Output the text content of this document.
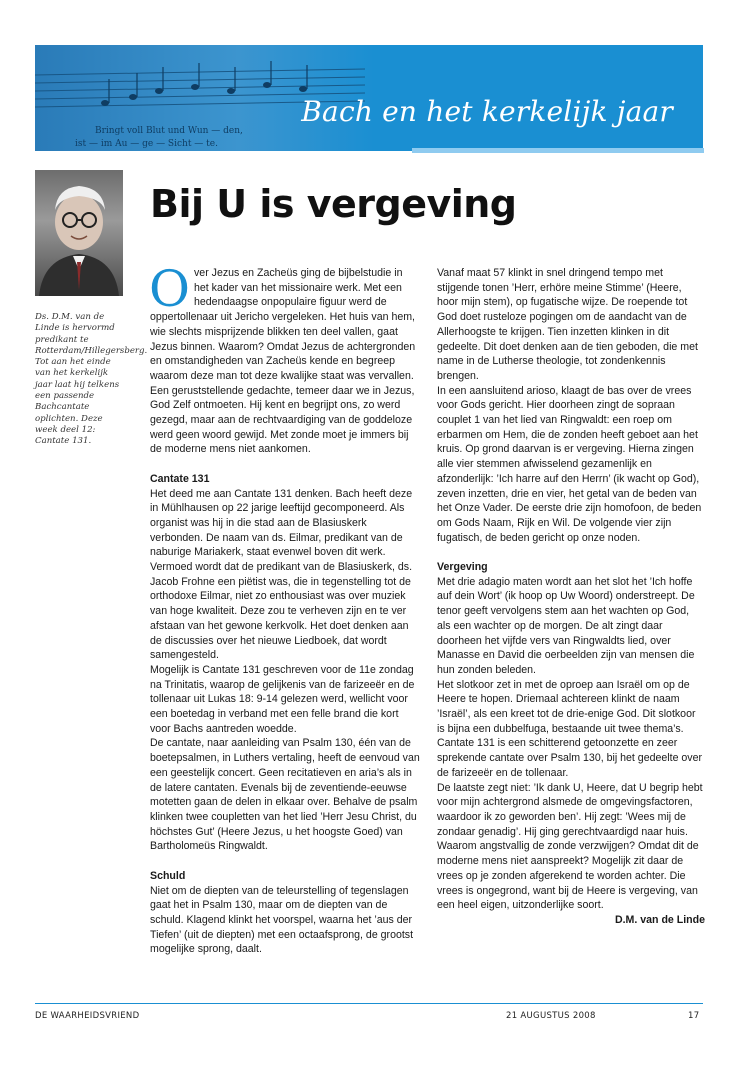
Bringt voll Blut und Wun — den,
ist — im Au — ge — Sicht — te.
Bach en het kerkelijk jaar
Ds. D.M. van de Linde is hervormd predikant te Rotterdam/Hillegersberg. Tot aan het einde van het kerkelijk jaar laat hij telkens een passende Bachcantate oplichten. Deze week deel 12: Cantate 131.
Bij U is vergeving

Over Jezus en Zacheüs ging de bijbelstudie in het kader van het missionaire werk. Met een hedendaagse onpopulaire figuur werd de oppertollenaar uit Jericho vergeleken. Het huis van hem, wie slechts misprijzende blikken ten deel vallen, gaat Jezus binnen. Waarom? Omdat Jezus de achtergronden en omstandigheden van Zacheüs kende en begreep waarom deze man tot deze kwalijke staat was vervallen. Een geruststellende gedachte, temeer daar we in Jezus, God Zelf ontmoeten. Hij kent en begrijpt ons, zo werd gezegd, maar aan de rechtvaardiging van de goddeloze werd geen woord gewijd. Met zonde moet je immers bij de moderne mens niet aankomen.

Cantate 131

Het deed me aan Cantate 131 denken. Bach heeft deze in Mühlhausen op 22 jarige leeftijd gecomponeerd. Als organist was hij in die stad aan de Blasiuskerk verbonden. De naam van ds. Eilmar, predikant van de naburige Mariakerk, staat evenwel boven dit werk. Vermoed wordt dat de predikant van de Blasiuskerk, ds. Jacob Frohne een piëtist was, die in tegenstelling tot de orthodoxe Eilmar, niet zo enthousiast was over muziek van hoge kwaliteit. Deze zou te verheven zijn en te ver afstaan van het gewone kerkvolk. Het doet denken aan de discussies over het nieuwe Liedboek, dat wordt samengesteld.

Mogelijk is Cantate 131 geschreven voor de 11e zondag na Trinitatis, waarop de gelijkenis van de farizeeër en de tollenaar uit Lukas 18: 9-14 gelezen werd, wellicht voor een boetedag in verband met een felle brand die kort voor Bachs aantreden woedde.

De cantate, naar aanleiding van Psalm 130, één van de boetepsalmen, in Luthers vertaling, heeft de eenvoud van een geestelijk concert. Geen recitatieven en aria’s als in de latere cantaten. Evenals bij de zeventiende-eeuwse motetten gaan de delen in elkaar over. Behalve de psalm klinken twee coupletten van het lied ’Herr Jesu Christ, du höchstes Gut’ (Heere Jezus, u het hoogste Goed) van Bartholomeüs Ringwaldt.

Schuld

Niet om de diepten van de teleurstelling of tegenslagen gaat het in Psalm 130, maar om de diepten van de schuld. Klagend klinkt het voorspel, waarna het ’aus der Tiefen’ (uit de diepten) met een octaafsprong, de grootst mogelijke sprong, daalt.

Vanaf maat 57 klinkt in snel dringend tempo met stijgende tonen ’Herr, erhöre meine Stimme’ (Heere, hoor mijn stem), op fugatische wijze. De roepende tot God doet rusteloze pogingen om de aandacht van de Allerhoogste te krijgen. Tien inzetten klinken in dit gedeelte. Dit doet denken aan de tien geboden, die met name in de Lutherse theologie, tot zondenkennis brengen.

In een aansluitend arioso, klaagt de bas over de vrees voor Gods gericht. Hier doorheen zingt de sopraan couplet 1 van het lied van Ringwaldt: een roep om erbarmen om Hem, die de zonden heeft geboet aan het kruis. Op grond daarvan is er vergeving. Hierna zingen alle vier stemmen afwisselend gezamenlijk en afzonderlijk: ’Ich harre auf den Herrn’ (ik wacht op God), zeven inzetten, drie en vier, het getal van de beden van het Onze Vader. De eerste drie zijn homofoon, de beden om Gods Naam, Rijk en Wil. De volgende vier zijn fugatisch, de beden gericht op onze noden.

Vergeving

Met drie adagio maten wordt aan het slot het ’Ich hoffe auf dein Wort’ (ik hoop op Uw Woord) onderstreept. De tenor geeft vervolgens stem aan het wachten op God, als een wachter op de morgen. De alt zingt daar doorheen het vijfde vers van Ringwaldts lied, over Manasse en David die oerbeelden zijn van mensen die hun zonden beleden.

Het slotkoor zet in met de oproep aan Israël om op de Heere te hopen. Driemaal achtereen klinkt de naam ’Israël’, als een kreet tot de drie-enige God. Dit slotkoor is bijna een dubbelfuga, bestaande uit twee thema’s. Cantate 131 is een schitterend getoonzette en zeer sprekende cantate over Psalm 130, bij het gedeelte over de farizeeër en de tollenaar.

De laatste zegt niet: ’Ik dank U, Heere, dat U begrip hebt voor mijn achtergrond alsmede de omgevingsfactoren, waardoor ik zo geworden ben’. Hij zegt: ’Wees mij de zondaar genadig’. Hij ging gerechtvaardigd naar huis.

Waarom angstvallig de zonde verzwijgen? Omdat dit de moderne mens niet aanspreekt? Mogelijk zit daar de vrees op je zonden afgerekend te worden achter. Die vrees is ongegrond, want bij de Heere is vergeving, van een heel eigen, uitzonderlijke soort.

D.M. van de Linde

DE WAARHEIDSVRIEND	21 AUGUSTUS 2008	17
